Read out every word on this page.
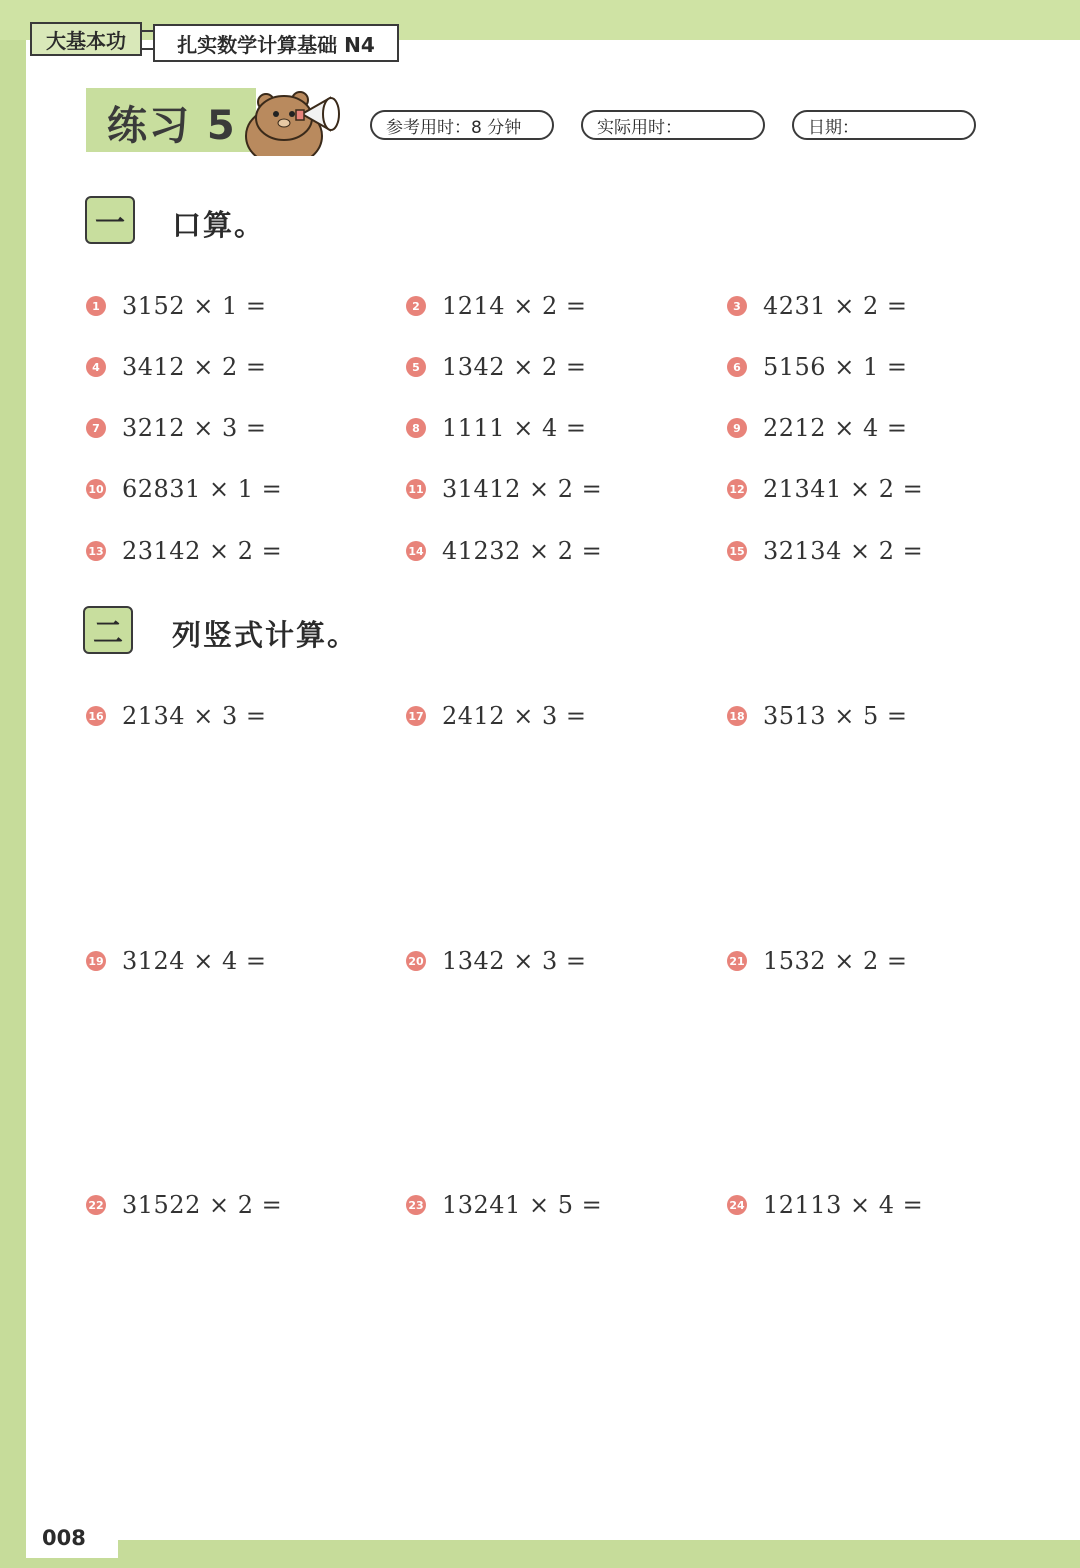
大基本功	扎实数学计算基础 N4
练习 5	参考用时：8 分钟	实际用时：	日期：
一	口算。
二	列竖式计算。
1 3152 × 1 =	2 1214 × 2 =	3 4231 × 2 =
4 3412 × 2 =	5 1342 × 2 =	6 5156 × 1 =
7 3212 × 3 =	8 1111 × 4 =	9 2212 × 4 =
10 62831 × 1 =	11 31412 × 2 =	12 21341 × 2 =
13 23142 × 2 =	14 41232 × 2 =	15 32134 × 2 =
16 2134 × 3 =	17 2412 × 3 =	18 3513 × 5 =
19 3124 × 4 =	20 1342 × 3 =	21 1532 × 2 =
22 31522 × 2 =	23 13241 × 5 =	24 12113 × 4 =
008
